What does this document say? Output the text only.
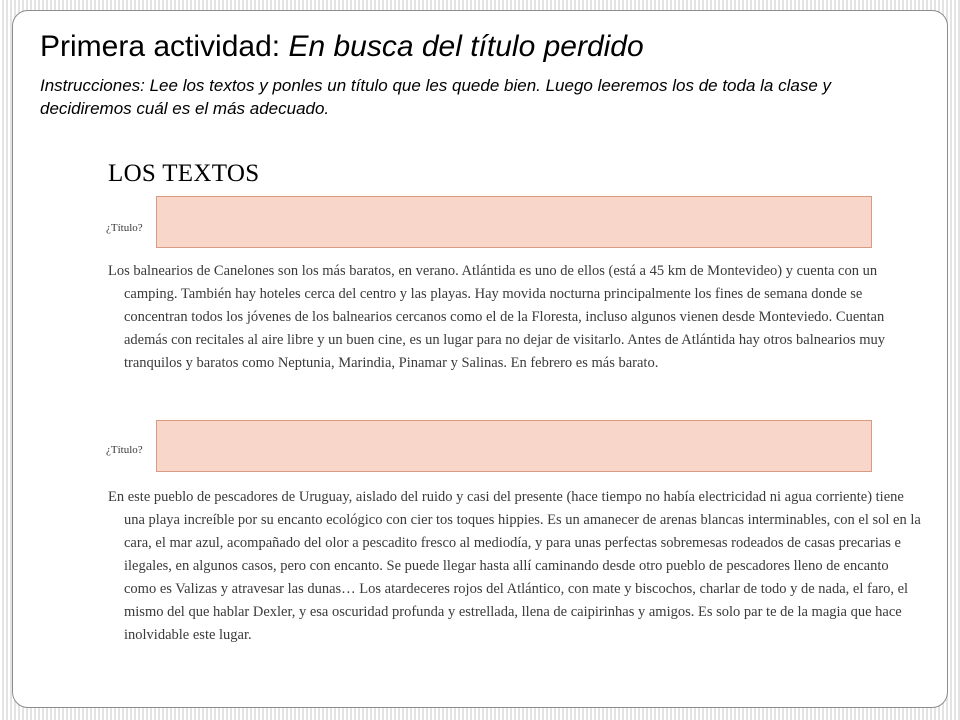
Primera actividad: En busca del título perdido

Instrucciones: Lee los textos y ponles un título que les quede bien. Luego leeremos los de toda la clase y decidiremos cuál es el más adecuado.

LOS TEXTOS
¿Título?

Los balnearios de Canelones son los más baratos, en verano. Atlántida es uno de ellos (está a 45 km de Montevideo) y cuenta con un camping. También hay hoteles cerca del centro y las playas. Hay movida nocturna principalmente los fines de semana donde se concentran todos los jóvenes de los balnearios cercanos como el de la Floresta, incluso algunos vienen desde Monteviedo. Cuentan además con recitales al aire libre y un buen cine, es un lugar para no dejar de visitarlo. Antes de Atlántida hay otros balnearios muy tranquilos y baratos como Neptunia, Marindia, Pinamar y Salinas. En febrero es más barato.

¿Título?

En este pueblo de pescadores de Uruguay, aislado del ruido y casi del presente (hace tiempo no había electricidad ni agua corriente) tiene una playa increíble por su encanto ecológico con cier tos toques hippies. Es un amanecer de arenas blancas interminables, con el sol en la cara, el mar azul, acompañado del olor a pescadito fresco al mediodía, y para unas perfectas sobremesas rodeados de casas precarias e ilegales, en algunos casos, pero con encanto. Se puede llegar hasta allí caminando desde otro pueblo de pescadores lleno de encanto como es Valizas y atravesar las dunas… Los atardeceres rojos del Atlántico, con mate y biscochos, charlar de todo y de nada, el faro, el mismo del que hablar Dexler, y esa oscuridad profunda y estrellada, llena de caipirinhas y amigos. Es solo par te de la magia que hace inolvidable este lugar.
